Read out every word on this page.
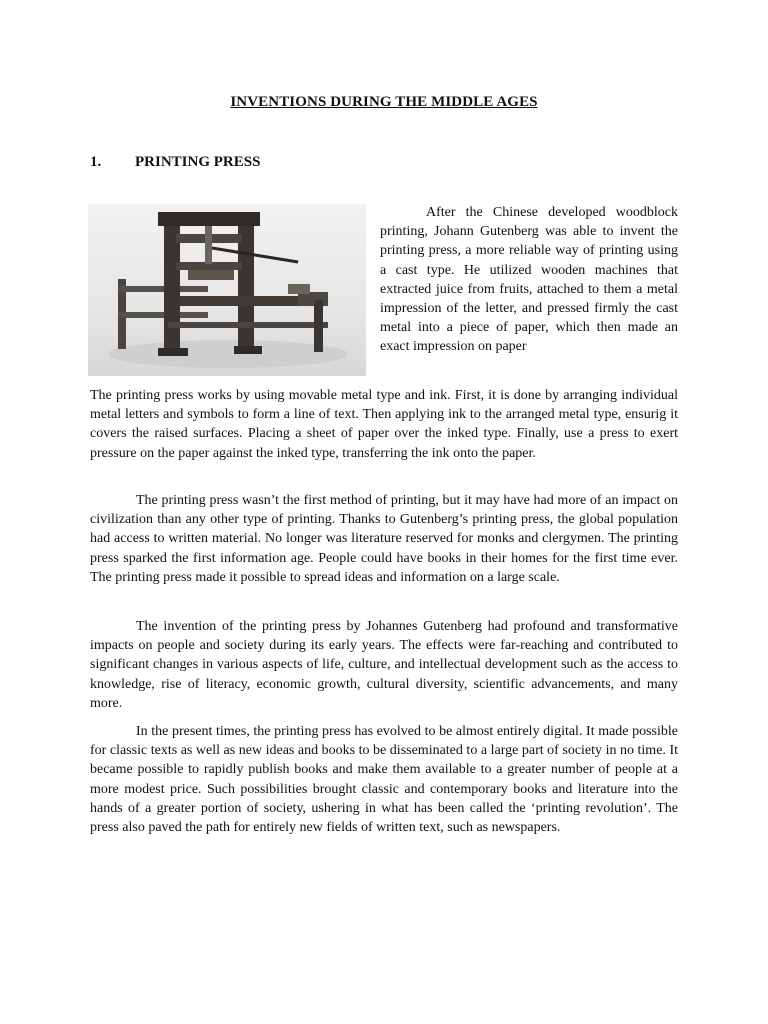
INVENTIONS DURING THE MIDDLE AGES
1. PRINTING PRESS

After the Chinese developed woodblock printing, Johann Gutenberg was able to invent the printing press, a more reliable way of printing using a cast type. He utilized wooden machines that extracted juice from fruits, attached to them a metal impression of the letter, and pressed firmly the cast metal into a piece of paper, which then made an exact impression on paper

The printing press works by using movable metal type and ink. First, it is done by arranging individual metal letters and symbols to form a line of text. Then applying ink to the arranged metal type, ensurig it covers the raised surfaces. Placing a sheet of paper over the inked type. Finally, use a press to exert pressure on the paper against the inked type, transferring the ink onto the paper.

The printing press wasn’t the first method of printing, but it may have had more of an impact on civilization than any other type of printing. Thanks to Gutenberg’s printing press, the global population had access to written material. No longer was literature reserved for monks and clergymen. The printing press sparked the first information age. People could have books in their homes for the first time ever. The printing press made it possible to spread ideas and information on a large scale.

The invention of the printing press by Johannes Gutenberg had profound and transformative impacts on people and society during its early years. The effects were far-reaching and contributed to significant changes in various aspects of life, culture, and intellectual development such as the access to knowledge, rise of literacy, economic growth, cultural diversity, scientific advancements, and many more.

In the present times, the printing press has evolved to be almost entirely digital. It made possible for classic texts as well as new ideas and books to be disseminated to a large part of society in no time. It became possible to rapidly publish books and make them available to a greater number of people at a more modest price. Such possibilities brought classic and contemporary books and literature into the hands of a greater portion of society, ushering in what has been called the ‘printing revolution’. The press also paved the path for entirely new fields of written text, such as newspapers.
